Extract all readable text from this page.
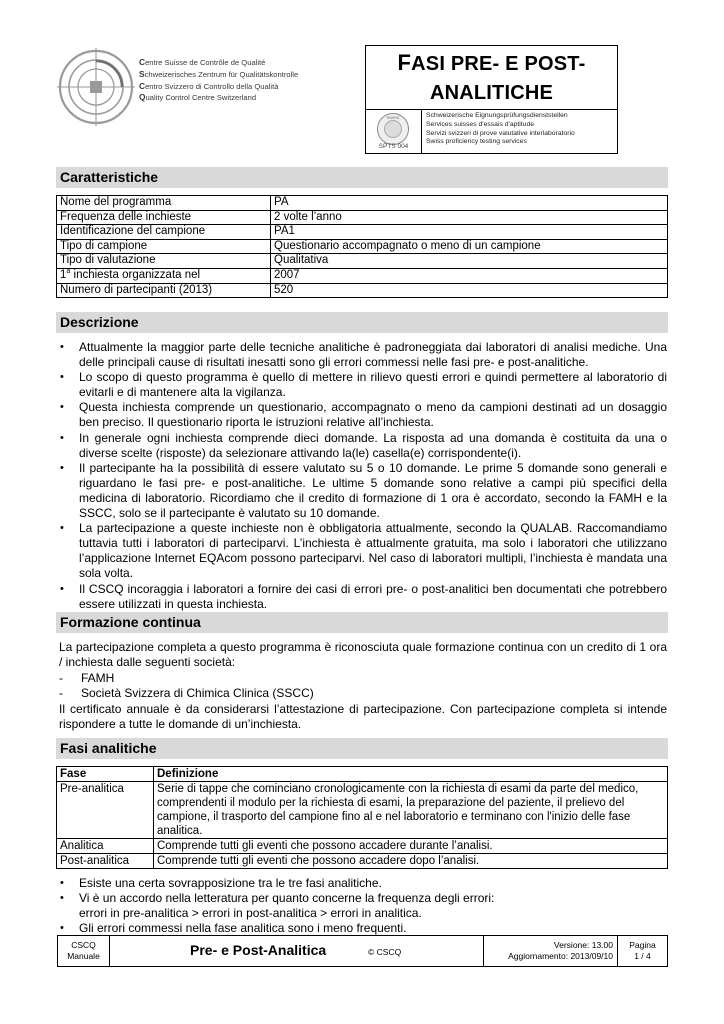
Centre Suisse de Contrôle de Qualité
Schweizerisches Zentrum für Qualitätskontrolle
Centro Svizzero di Controllo della Qualità
Quality Control Centre Switzerland
FASI PRE- E POST-
ANALITICHE
SWISS
SPTS 004
Schweizerische Eignungsprüfungsdienststellen
Services suisses d'essais d'aptitude
Servizi svizzeri di prove valutative interlaboratorio
Swiss proficiency testing services
Caratteristiche
Nome del programma	PA
Frequenza delle inchieste	2 volte l’anno
Identificazione del campione	PA1
Tipo di campione	Questionario accompagnato o meno di un campione
Tipo di valutazione	Qualitativa
1$^a$ inchiesta organizzata nel	2007
Numero di partecipanti (2013)	520
Descrizione
• Attualmente la maggior parte delle tecniche analitiche è padroneggiata dai laboratori di analisi mediche. Una delle principali cause di risultati inesatti sono gli errori commessi nelle fasi pre- e post-analitiche.
• Lo scopo di questo programma è quello di mettere in rilievo questi errori e quindi permettere al laboratorio di evitarli e di mantenere alta la vigilanza.
• Questa inchiesta comprende un questionario, accompagnato o meno da campioni destinati ad un dosaggio ben preciso. Il questionario riporta le istruzioni relative all’inchiesta.
• In generale ogni inchiesta comprende dieci domande. La risposta ad una domanda è costituita da una o diverse scelte (risposte) da selezionare attivando la(le) casella(e) corrispondente(i).
• Il partecipante ha la possibilità di essere valutato su 5 o 10 domande. Le prime 5 domande sono generali e riguardano le fasi pre- e post-analitiche. Le ultime 5 domande sono relative a campi più specifici della medicina di laboratorio. Ricordiamo che il credito di formazione di 1 ora è accordato, secondo la FAMH e la SSCC, solo se il partecipante è valutato su 10 domande.
• La partecipazione a queste inchieste non è obbligatoria attualmente, secondo la QUALAB. Raccomandiamo tuttavia tutti i laboratori di parteciparvi. L’inchiesta è attualmente gratuita, ma solo i laboratori che utilizzano l’applicazione Internet EQAcom possono parteciparvi. Nel caso di laboratori multipli, l’inchiesta è mandata una sola volta.
• Il CSCQ incoraggia i laboratori a fornire dei casi di errori pre- o post-analitici ben documentati che potrebbero essere utilizzati in questa inchiesta.
Formazione continua
La partecipazione completa a questo programma è riconosciuta quale formazione continua con un credito di 1 ora / inchiesta dalle seguenti società:
- FAMH
- Società Svizzera di Chimica Clinica (SSCC)
Il certificato annuale è da considerarsi l’attestazione di partecipazione. Con partecipazione completa si intende rispondere a tutte le domande di un’inchiesta.
Fasi analitiche
Fase	Definizione
Pre-analitica	Serie di tappe che cominciano cronologicamente con la richiesta di esami da parte del medico, comprendenti il modulo per la richiesta di esami, la preparazione del paziente, il prelievo del campione, il trasporto del campione fino al e nel laboratorio e terminano con l'inizio delle fase analitica.
Analitica	Comprende tutti gli eventi che possono accadere durante l’analisi.
Post-analitica	Comprende tutti gli eventi che possono accadere dopo l’analisi.
• Esiste una certa sovrapposizione tra le tre fasi analitiche.
• Vi è un accordo nella letteratura per quanto concerne la frequenza degli errori:
errori in pre-analitica > errori in post-analitica > errori in analitica.
• Gli errori commessi nella fase analitica sono i meno frequenti.
CSCQ
Manuale	Pre- e Post-Analitica	© CSCQ
Versione: 13.00
Aggiornamento: 2013/09/10
Pagina
1 / 4
